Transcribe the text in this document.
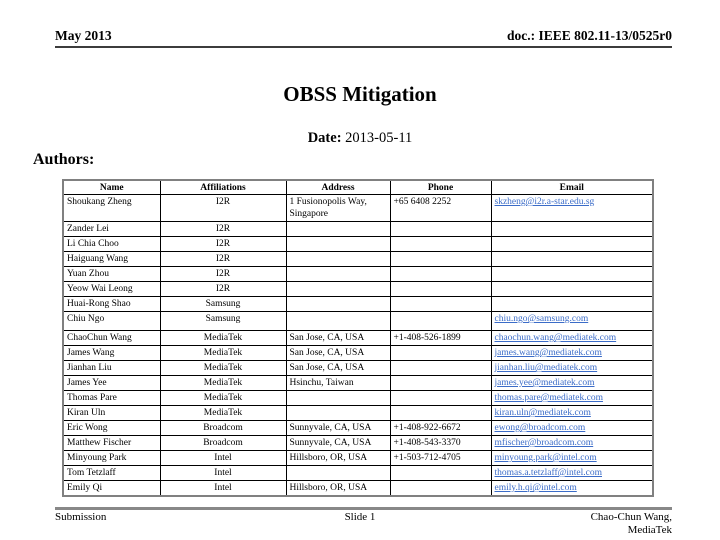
May 2013	doc.: IEEE 802.11-13/0525r0
OBSS Mitigation
Date: 2013-05-11
Authors:
Name	Affiliations	Address	Phone	Email
Shoukang Zheng	I2R	1 Fusionopolis Way, Singapore	+65 6408 2252	skzheng@i2r.a-star.edu.sg
Zander Lei	I2R			
Li Chia Choo	I2R			
Haiguang Wang	I2R			
Yuan Zhou	I2R			
Yeow Wai Leong	I2R			
Huai-Rong Shao	Samsung			
Chiu Ngo	Samsung			chiu.ngo@samsung.com
ChaoChun Wang	MediaTek	San Jose, CA, USA	+1-408-526-1899	chaochun.wang@mediatek.com
James Wang	MediaTek	San Jose, CA, USA		james.wang@mediatek.com
Jianhan Liu	MediaTek	San Jose, CA, USA		jianhan.liu@mediatek.com
James Yee	MediaTek	Hsinchu, Taiwan		james.yee@mediatek.com
Thomas Pare	MediaTek			thomas.pare@mediatek.com
Kiran Uln	MediaTek			kiran.uln@mediatek.com
Eric Wong	Broadcom	Sunnyvale, CA, USA	+1-408-922-6672	ewong@broadcom.com
Matthew Fischer	Broadcom	Sunnyvale, CA, USA	+1-408-543-3370	mfischer@broadcom.com
Minyoung Park	Intel	Hillsboro, OR, USA	+1-503-712-4705	minyoung.park@intel.com
Tom Tetzlaff	Intel			thomas.a.tetzlaff@intel.com
Emily Qi	Intel	Hillsboro, OR, USA		emily.h.qi@intel.com
Submission	Slide 1	Chao-Chun Wang,
MediaTek
